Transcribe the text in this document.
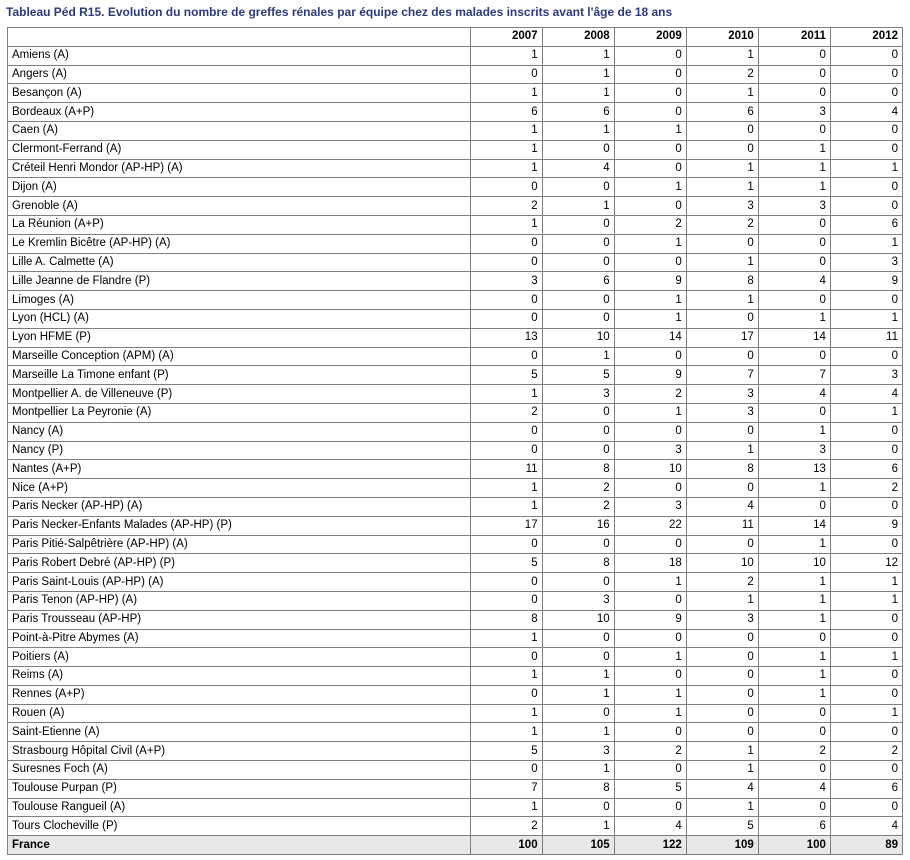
Tableau Péd R15. Evolution du nombre de greffes rénales par équipe chez des malades inscrits avant l'âge de 18 ans
	2007	2008	2009	2010	2011	2012
Amiens (A)	1	1	0	1	0	0
Angers (A)	0	1	0	2	0	0
Besançon (A)	1	1	0	1	0	0
Bordeaux (A+P)	6	6	0	6	3	4
Caen (A)	1	1	1	0	0	0
Clermont-Ferrand (A)	1	0	0	0	1	0
Créteil Henri Mondor (AP-HP) (A)	1	4	0	1	1	1
Dijon (A)	0	0	1	1	1	0
Grenoble (A)	2	1	0	3	3	0
La Réunion (A+P)	1	0	2	2	0	6
Le Kremlin Bicêtre (AP-HP) (A)	0	0	1	0	0	1
Lille A. Calmette (A)	0	0	0	1	0	3
Lille Jeanne de Flandre (P)	3	6	9	8	4	9
Limoges (A)	0	0	1	1	0	0
Lyon (HCL) (A)	0	0	1	0	1	1
Lyon HFME (P)	13	10	14	17	14	11
Marseille Conception (APM) (A)	0	1	0	0	0	0
Marseille La Timone enfant (P)	5	5	9	7	7	3
Montpellier A. de Villeneuve (P)	1	3	2	3	4	4
Montpellier La Peyronie (A)	2	0	1	3	0	1
Nancy (A)	0	0	0	0	1	0
Nancy (P)	0	0	3	1	3	0
Nantes (A+P)	11	8	10	8	13	6
Nice (A+P)	1	2	0	0	1	2
Paris Necker (AP-HP) (A)	1	2	3	4	0	0
Paris Necker-Enfants Malades (AP-HP) (P)	17	16	22	11	14	9
Paris Pitié-Salpêtrière (AP-HP) (A)	0	0	0	0	1	0
Paris Robert Debré (AP-HP) (P)	5	8	18	10	10	12
Paris Saint-Louis (AP-HP) (A)	0	0	1	2	1	1
Paris Tenon (AP-HP) (A)	0	3	0	1	1	1
Paris Trousseau (AP-HP)	8	10	9	3	1	0
Point-à-Pitre Abymes (A)	1	0	0	0	0	0
Poitiers (A)	0	0	1	0	1	1
Reims (A)	1	1	0	0	1	0
Rennes (A+P)	0	1	1	0	1	0
Rouen (A)	1	0	1	0	0	1
Saint-Etienne (A)	1	1	0	0	0	0
Strasbourg Hôpital Civil (A+P)	5	3	2	1	2	2
Suresnes Foch (A)	0	1	0	1	0	0
Toulouse Purpan (P)	7	8	5	4	4	6
Toulouse Rangueil (A)	1	0	0	1	0	0
Tours Clocheville (P)	2	1	4	5	6	4
France	100	105	122	109	100	89
